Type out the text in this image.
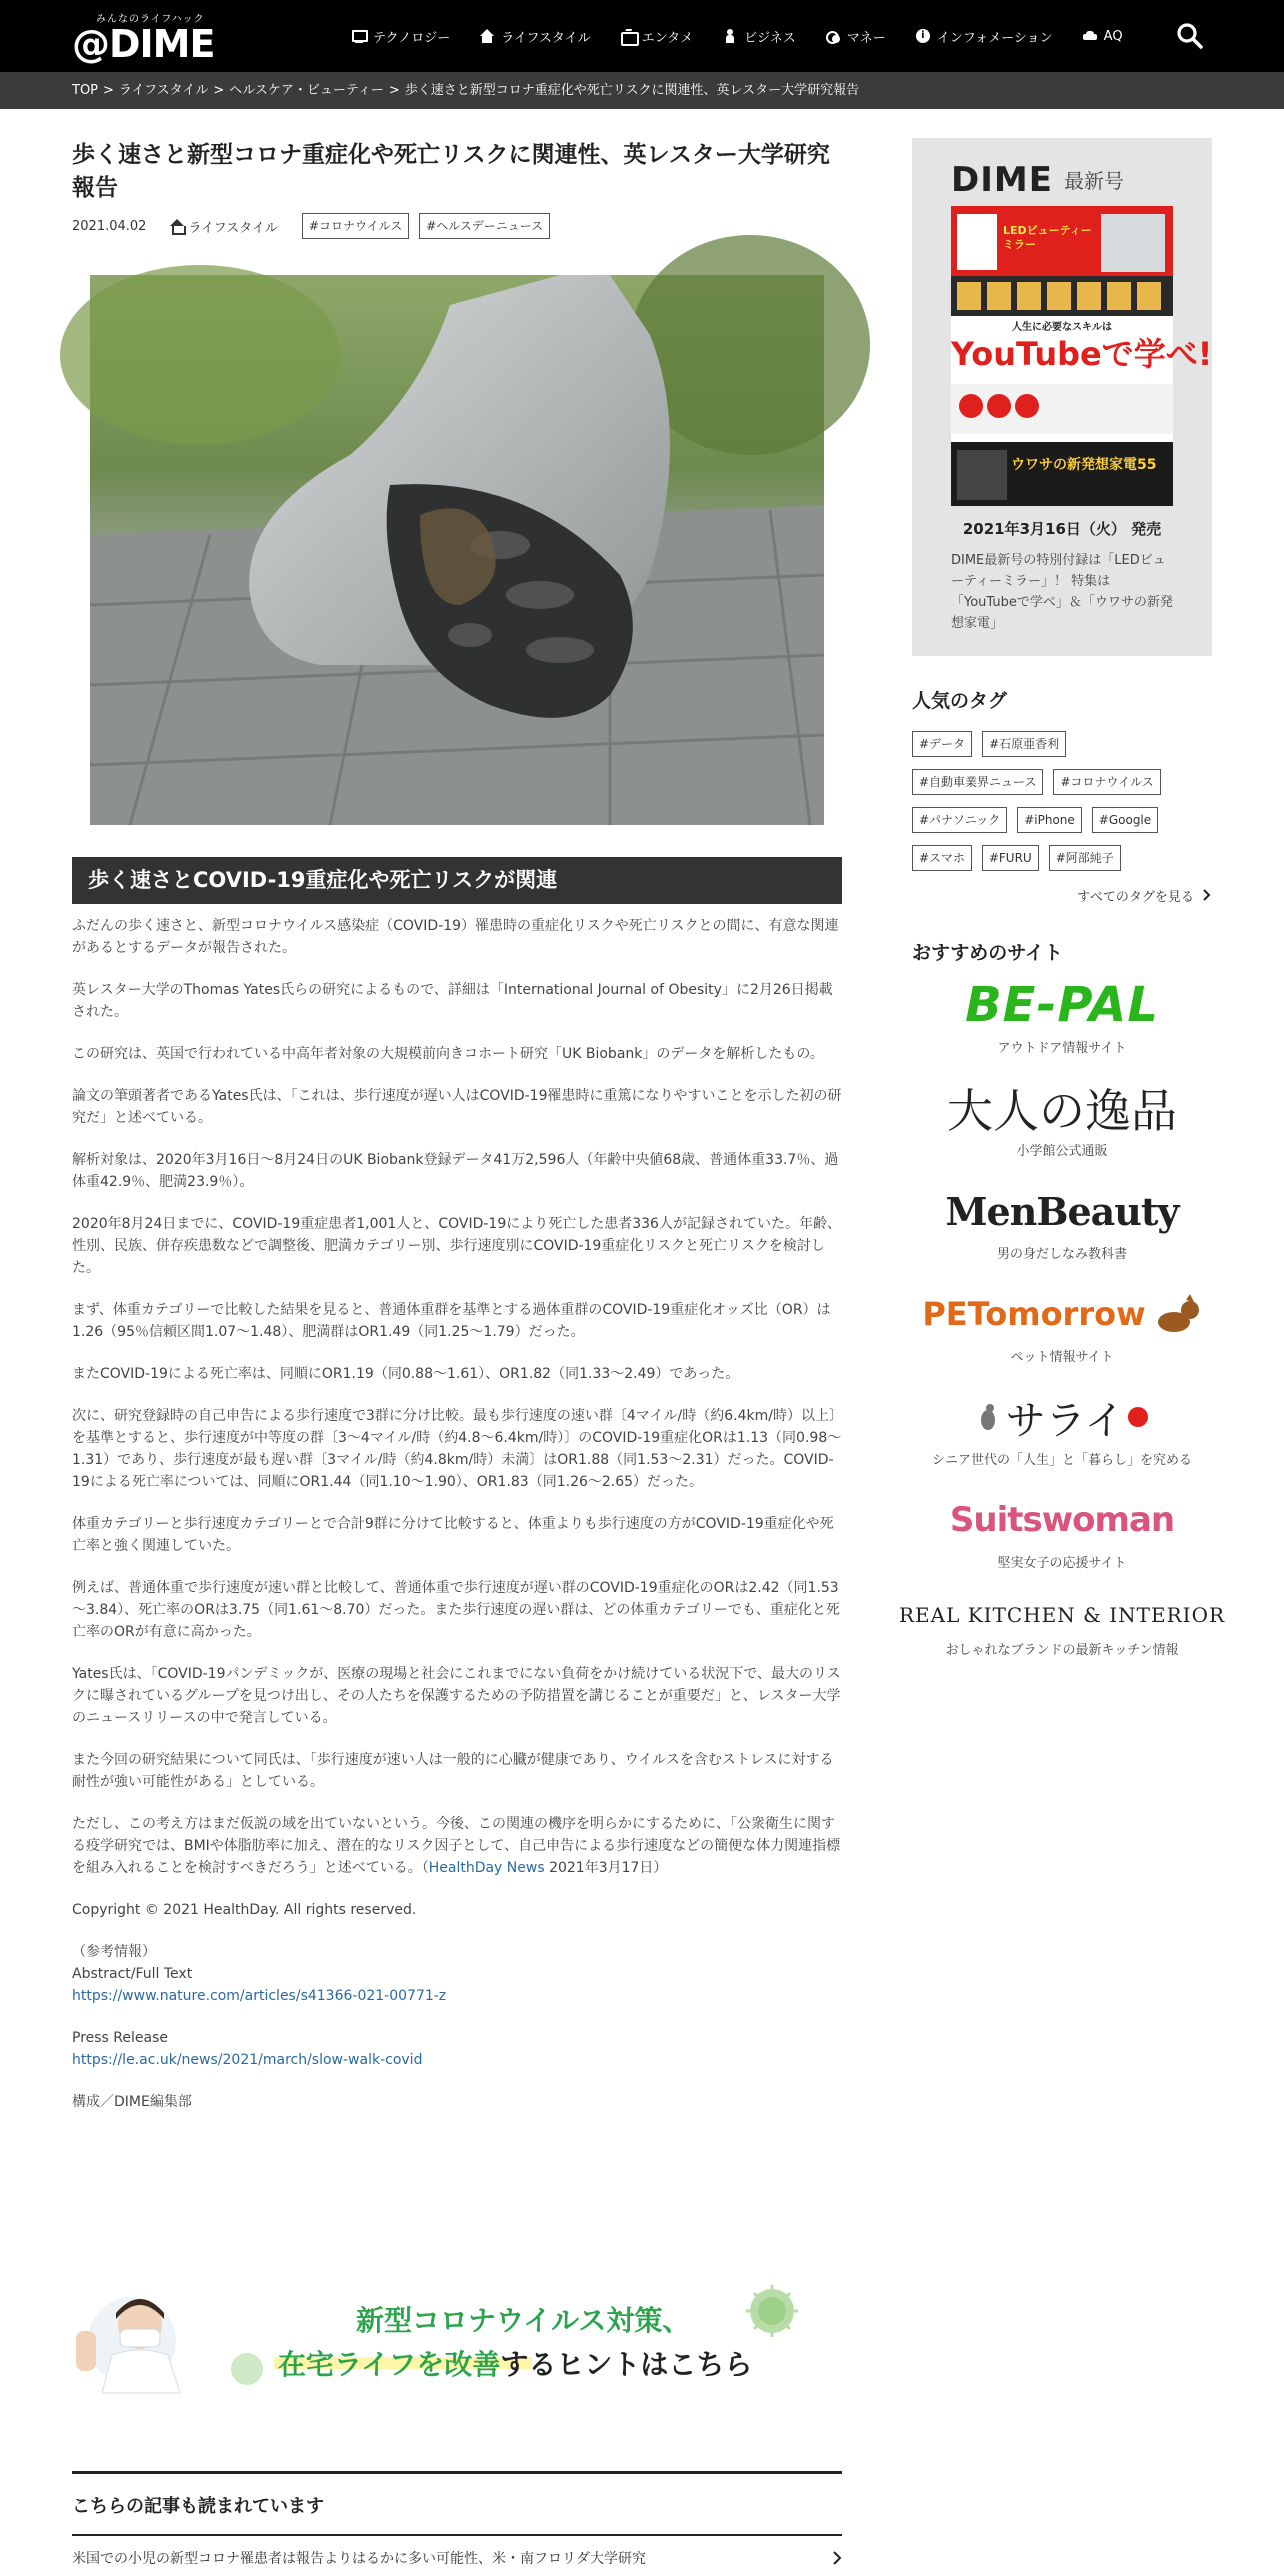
みんなのライフハック
@DIME	テクノロジー	ライフスタイル	エンタメ	ビジネス	マネー
i	インフォメーション	AQ
TOP > ライフスタイル > ヘルスケア・ビューティー > 歩く速さと新型コロナ重症化や死亡リスクに関連性、英レスター大学研究報告
歩く速さと新型コロナ重症化や死亡リスクに関連性、英レスター大学研究報告
2021.04.02	ライフスタイル	#コロナウイルス	#ヘルスデーニュース
歩く速さとCOVID-19重症化や死亡リスクが関連

ふだんの歩く速さと、新型コロナウイルス感染症（COVID-19）罹患時の重症化リスクや死亡リスクとの間に、有意な関連があるとするデータが報告された。

英レスター大学のThomas Yates氏らの研究によるもので、詳細は「International Journal of Obesity」に2月26日掲載された。

この研究は、英国で行われている中高年者対象の大規模前向きコホート研究「UK Biobank」のデータを解析したもの。

論文の筆頭著者であるYates氏は、「これは、歩行速度が遅い人はCOVID-19罹患時に重篤になりやすいことを示した初の研究だ」と述べている。

解析対象は、2020年3月16日～8月24日のUK Biobank登録データ41万2,596人（年齢中央値68歳、普通体重33.7％、過体重42.9％、肥満23.9％）。

2020年8月24日までに、COVID-19重症患者1,001人と、COVID-19により死亡した患者336人が記録されていた。年齢、性別、民族、併存疾患数などで調整後、肥満カテゴリー別、歩行速度別にCOVID-19重症化リスクと死亡リスクを検討した。

まず、体重カテゴリーで比較した結果を見ると、普通体重群を基準とする過体重群のCOVID-19重症化オッズ比（OR）は1.26（95％信頼区間1.07～1.48）、肥満群はOR1.49（同1.25～1.79）だった。

またCOVID-19による死亡率は、同順にOR1.19（同0.88～1.61）、OR1.82（同1.33～2.49）であった。

次に、研究登録時の自己申告による歩行速度で3群に分け比較。最も歩行速度の速い群〔4マイル/時（約6.4km/時）以上〕を基準とすると、歩行速度が中等度の群〔3～4マイル/時（約4.8～6.4km/時）〕のCOVID-19重症化ORは1.13（同0.98～1.31）であり、歩行速度が最も遅い群〔3マイル/時（約4.8km/時）未満〕はOR1.88（同1.53～2.31）だった。COVID-19による死亡率については、同順にOR1.44（同1.10～1.90）、OR1.83（同1.26～2.65）だった。

体重カテゴリーと歩行速度カテゴリーとで合計9群に分けて比較すると、体重よりも歩行速度の方がCOVID-19重症化や死亡率と強く関連していた。

例えば、普通体重で歩行速度が速い群と比較して、普通体重で歩行速度が遅い群のCOVID-19重症化のORは2.42（同1.53～3.84）、死亡率のORは3.75（同1.61～8.70）だった。また歩行速度の遅い群は、どの体重カテゴリーでも、重症化と死亡率のORが有意に高かった。

Yates氏は、「COVID-19パンデミックが、医療の現場と社会にこれまでにない負荷をかけ続けている状況下で、最大のリスクに曝されているグループを見つけ出し、その人たちを保護するための予防措置を講じることが重要だ」と、レスター大学のニュースリリースの中で発言している。

また今回の研究結果について同氏は、「歩行速度が速い人は一般的に心臓が健康であり、ウイルスを含むストレスに対する耐性が強い可能性がある」としている。

ただし、この考え方はまだ仮説の域を出ていないという。今後、この関連の機序を明らかにするために、「公衆衛生に関する疫学研究では、BMIや体脂肪率に加え、潜在的なリスク因子として、自己申告による歩行速度などの簡便な体力関連指標を組み入れることを検討すべきだろう」と述べている。（HealthDay News 2021年3月17日）

Copyright © 2021 HealthDay. All rights reserved.

（参考情報）

Abstract/Full Text

https://www.nature.com/articles/s41366-021-00771-z

Press Release

https://le.ac.uk/news/2021/march/slow-walk-covid

構成／DIME編集部

新型コロナウイルス対策、
在宅ライフを改善するヒントはこちら
こちらの記事も読まれています
米国での小児の新型コロナ罹患者は報告よりはるかに多い可能性、米・南フロリダ大学研究
DIME 最新号
人生に必要なスキルは
YouTubeで学べ!
LEDビューティーミラー
ウワサの新発想家電55
2021年3月16日（火） 発売
DIME最新号の特別付録は「LEDビューティーミラー」！ 特集は「YouTubeで学べ」＆「ウワサの新発想家電」
人気のタグ
#データ	#石原亜香利
#自動車業界ニュース	#コロナウイルス
#パナソニック	#iPhone	#Google
#スマホ	#FURU	#阿部純子
すべてのタグを見る
おすすめのサイト
BE-PAL
アウトドア情報サイト
大人の逸品
小学館公式通販
MenBeauty
男の身だしなみ教科書
PETomorrow
ペット情報サイト
サライ
シニア世代の「人生」と「暮らし」を究める
Suitswoman
堅実女子の応援サイト
REAL KITCHEN & INTERIOR
おしゃれなブランドの最新キッチン情報
